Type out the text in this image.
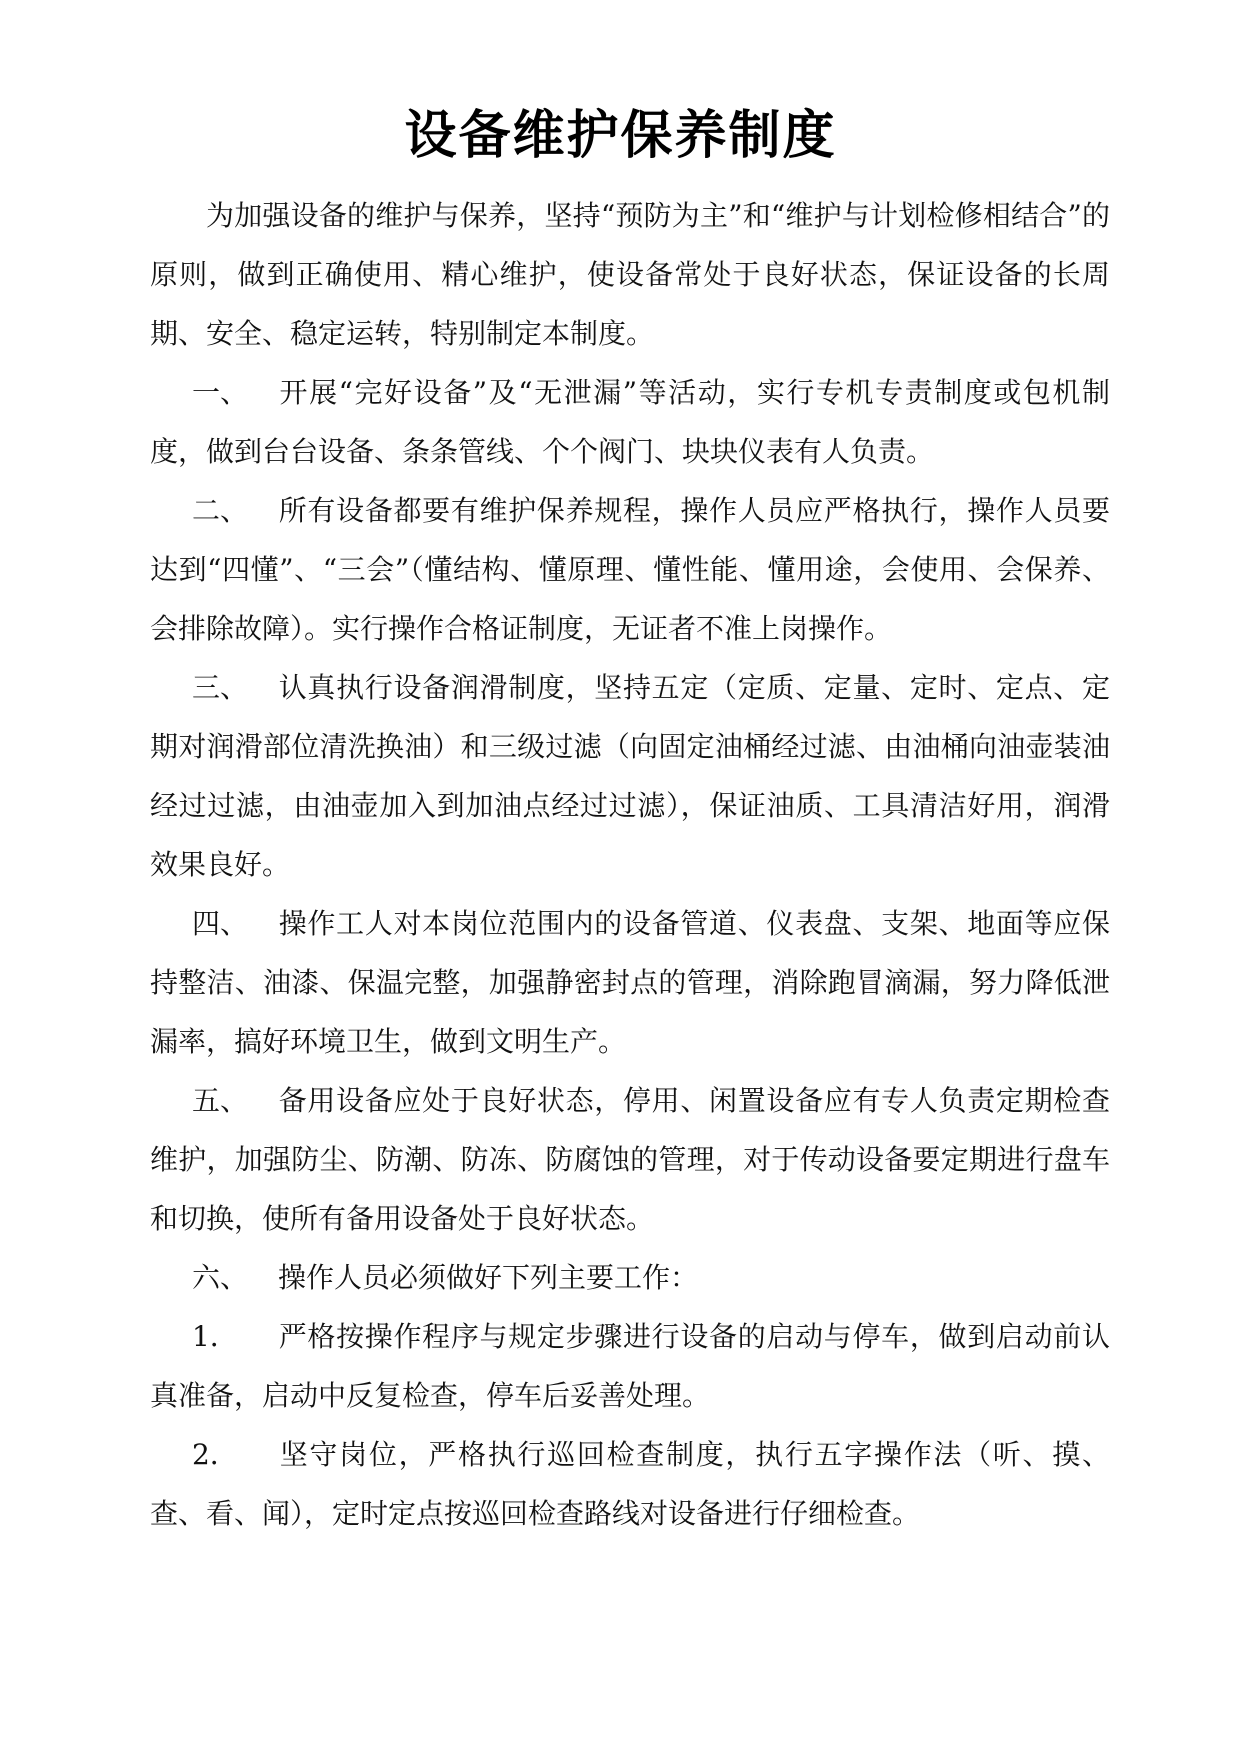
设备维护保养制度

为加强设备的维护与保养，坚持“预防为主”和“维护与计划检修相结合”的原则，做到正确使用、精心维护，使设备常处于良好状态，保证设备的长周期、安全、稳定运转，特别制定本制度。

一、 开展“完好设备”及“无泄漏”等活动，实行专机专责制度或包机制度，做到台台设备、条条管线、个个阀门、块块仪表有人负责。

二、 所有设备都要有维护保养规程，操作人员应严格执行，操作人员要达到“四懂”、“三会”（懂结构、懂原理、懂性能、懂用途，会使用、会保养、会排除故障）。实行操作合格证制度，无证者不准上岗操作。

三、 认真执行设备润滑制度，坚持五定（定质、定量、定时、定点、定期对润滑部位清洗换油）和三级过滤（向固定油桶经过滤、由油桶向油壶装油经过过滤，由油壶加入到加油点经过过滤），保证油质、工具清洁好用，润滑效果良好。

四、 操作工人对本岗位范围内的设备管道、仪表盘、支架、地面等应保持整洁、油漆、保温完整，加强静密封点的管理，消除跑冒滴漏，努力降低泄漏率，搞好环境卫生，做到文明生产。

五、 备用设备应处于良好状态，停用、闲置设备应有专人负责定期检查维护，加强防尘、防潮、防冻、防腐蚀的管理，对于传动设备要定期进行盘车和切换，使所有备用设备处于良好状态。

六、 操作人员必须做好下列主要工作：

1． 严格按操作程序与规定步骤进行设备的启动与停车，做到启动前认真准备，启动中反复检查，停车后妥善处理。

2． 坚守岗位，严格执行巡回检查制度，执行五字操作法（听、摸、查、看、闻），定时定点按巡回检查路线对设备进行仔细检查。
